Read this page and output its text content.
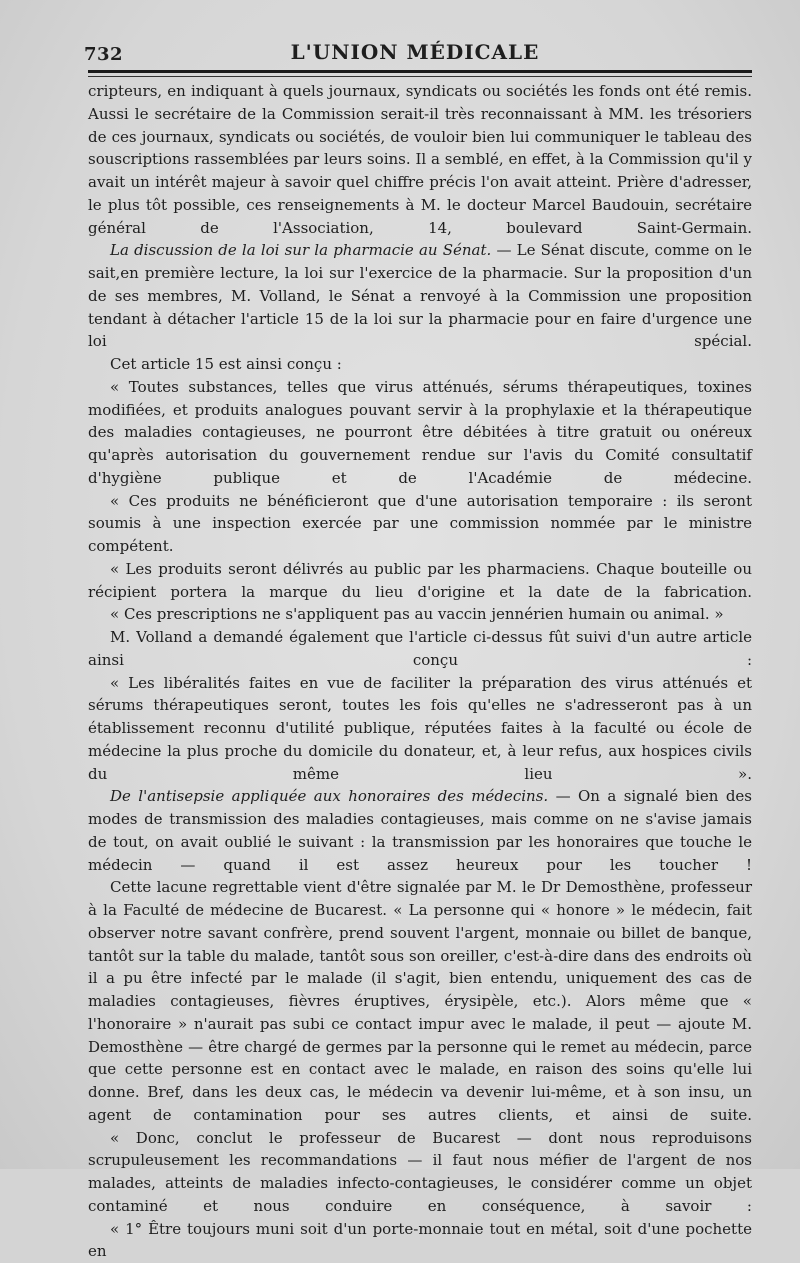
732	L'UNION MÉDICALE

cripteurs, en indiquant à quels journaux, syndicats ou sociétés les fonds ont été remis. Aussi le secrétaire de la Commission serait-il très reconnaissant à MM. les trésoriers de ces journaux, syndicats ou sociétés, de vouloir bien lui communiquer le tableau des souscriptions rassemblées par leurs soins. Il a semblé, en effet, à la Commission qu'il y avait un intérêt majeur à savoir quel chiffre précis l'on avait atteint. Prière d'adresser, le plus tôt possible, ces renseignements à M. le docteur Marcel Baudouin, secrétaire général de l'Association, 14, boulevard Saint-Germain.

La discussion de la loi sur la pharmacie au Sénat. — Le Sénat discute, comme on le sait,en première lecture, la loi sur l'exercice de la pharmacie. Sur la proposition d'un de ses membres, M. Volland, le Sénat a renvoyé à la Commission une proposition tendant à détacher l'article 15 de la loi sur la pharmacie pour en faire d'urgence une loi spécial.

Cet article 15 est ainsi conçu :

« Toutes substances, telles que virus atténués, sérums thérapeutiques, toxines modifiées, et produits analogues pouvant servir à la prophylaxie et la thérapeutique des maladies contagieuses, ne pourront être débitées à titre gratuit ou onéreux qu'après autorisation du gouvernement rendue sur l'avis du Comité consultatif d'hygiène publique et de l'Académie de médecine.

« Ces produits ne bénéficieront que d'une autorisation temporaire : ils seront soumis à une inspection exercée par une commission nommée par le ministre compétent.

« Les produits seront délivrés au public par les pharmaciens. Chaque bouteille ou récipient portera la marque du lieu d'origine et la date de la fabrication.

« Ces prescriptions ne s'appliquent pas au vaccin jennérien humain ou animal. »

M. Volland a demandé également que l'article ci-dessus fût suivi d'un autre article ainsi conçu :

« Les libéralités faites en vue de faciliter la préparation des virus atténués et sérums thérapeutiques seront, toutes les fois qu'elles ne s'adresseront pas à un établissement reconnu d'utilité publique, réputées faites à la faculté ou école de médecine la plus proche du domicile du donateur, et, à leur refus, aux hospices civils du même lieu ».

De l'antisepsie appliquée aux honoraires des médecins. — On a signalé bien des modes de transmission des maladies contagieuses, mais comme on ne s'avise jamais de tout, on avait oublié le suivant : la transmission par les honoraires que touche le médecin — quand il est assez heureux pour les toucher !

Cette lacune regrettable vient d'être signalée par M. le Dr Demosthène, professeur à la Faculté de médecine de Bucarest. « La personne qui « honore » le médecin, fait observer notre savant confrère, prend souvent l'argent, monnaie ou billet de banque, tantôt sur la table du malade, tantôt sous son oreiller, c'est-à-dire dans des endroits où il a pu être infecté par le malade (il s'agit, bien entendu, uniquement des cas de maladies contagieuses, fièvres éruptives, érysipèle, etc.). Alors même que « l'honoraire » n'aurait pas subi ce contact impur avec le malade, il peut — ajoute M. Demosthène — être chargé de germes par la personne qui le remet au médecin, parce que cette personne est en contact avec le malade, en raison des soins qu'elle lui donne. Bref, dans les deux cas, le médecin va devenir lui-même, et à son insu, un agent de contamination pour ses autres clients, et ainsi de suite.

« Donc, conclut le professeur de Bucarest — dont nous reproduisons scrupuleusement les recommandations — il faut nous méfier de l'argent de nos malades, atteints de maladies infecto-contagieuses, le considérer comme un objet contaminé et nous conduire en conséquence, à savoir :

« 1° Être toujours muni soit d'un porte-monnaie tout en métal, soit d'une pochette en
